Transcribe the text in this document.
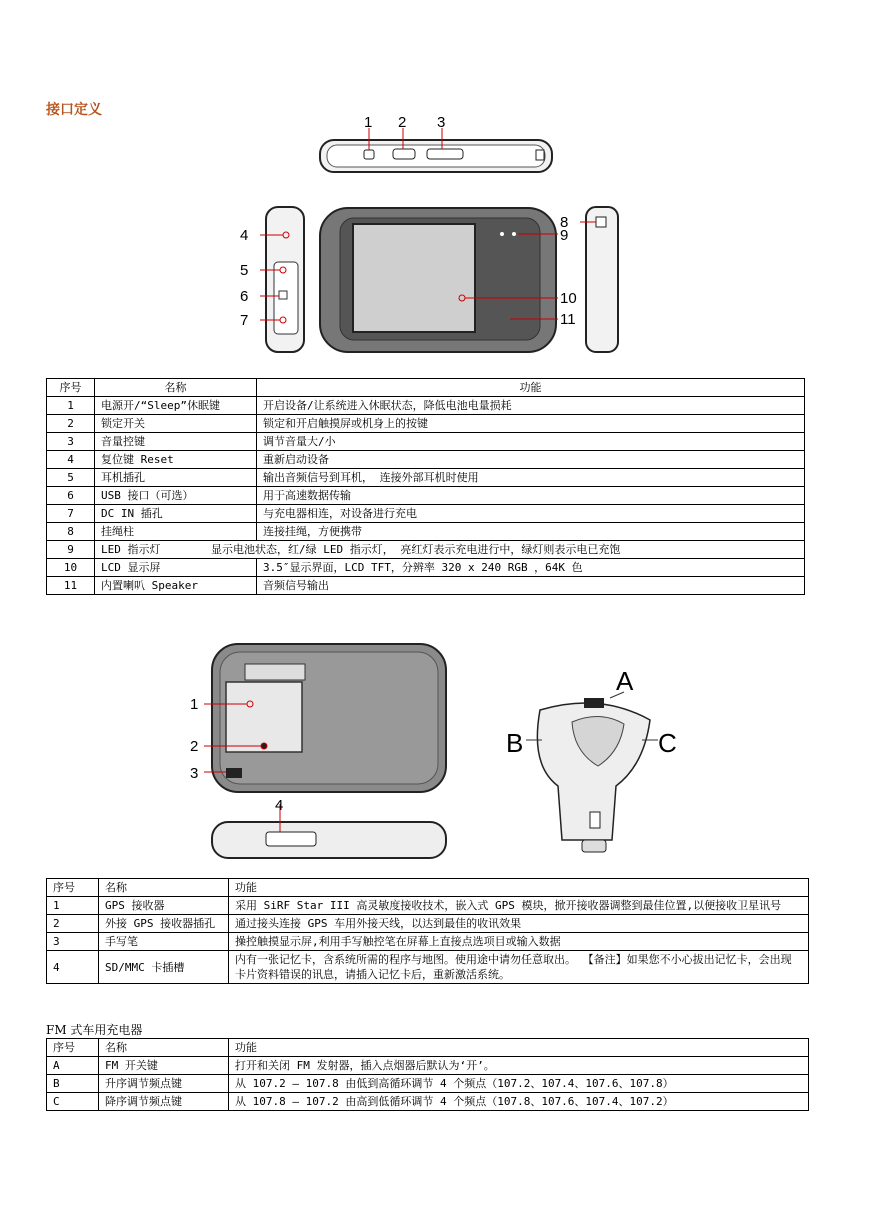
接口定义
1 2 3
4
5
6
7
8
9
10
11
序号	名称	功能
1	电源开/“Sleep”休眠键	开启设备/让系统进入休眠状态，降低电池电量损耗
2	锁定开关	锁定和开启触摸屏或机身上的按键
3	音量控键	调节音量大/小
4	复位键 Reset	重新启动设备
5	耳机插孔	输出音频信号到耳机， 连接外部耳机时使用
6	USB 接口（可选）	用于高速数据传输
7	DC IN 插孔	与充电器相连，对设备进行充电
8	挂绳柱	连接挂绳，方便携带
9	LED 指示灯 显示电池状态，红/绿 LED 指示灯， 亮红灯表示充电进行中，绿灯则表示电已充饱	
10	LCD 显示屏	3.5″显示界面，LCD TFT，分辨率 320 x 240 RGB ，64K 色
11	内置喇叭 Speaker	音频信号输出
1
2
3
4
A
B	C
序号	名称	功能
1	GPS 接收器	采用 SiRF Star III 高灵敏度接收技术，嵌入式 GPS 模块，掀开接收器调整到最佳位置,以便接收卫星讯号
2	外接 GPS 接收器插孔	通过接头连接 GPS 车用外接天线，以达到最佳的收讯效果
3	手写笔	操控触摸显示屏,利用手写触控笔在屏幕上直接点选项目或输入数据
4	SD/MMC 卡插槽	内有一张记忆卡，含系统所需的程序与地图。使用途中请勿任意取出。 【备注】如果您不小心拔出记忆卡，会出现卡片资料错误的讯息，请插入记忆卡后，重新激活系统。
FM 式车用充电器
序号	名称	功能
A	FM 开关键	打开和关闭 FM 发射器，插入点烟器后默认为‘开’。
B	升序调节频点键	从 107.2 – 107.8 由低到高循环调节 4 个频点（107.2、107.4、107.6、107.8）
C	降序调节频点键	从 107.8 – 107.2 由高到低循环调节 4 个频点（107.8、107.6、107.4、107.2）
